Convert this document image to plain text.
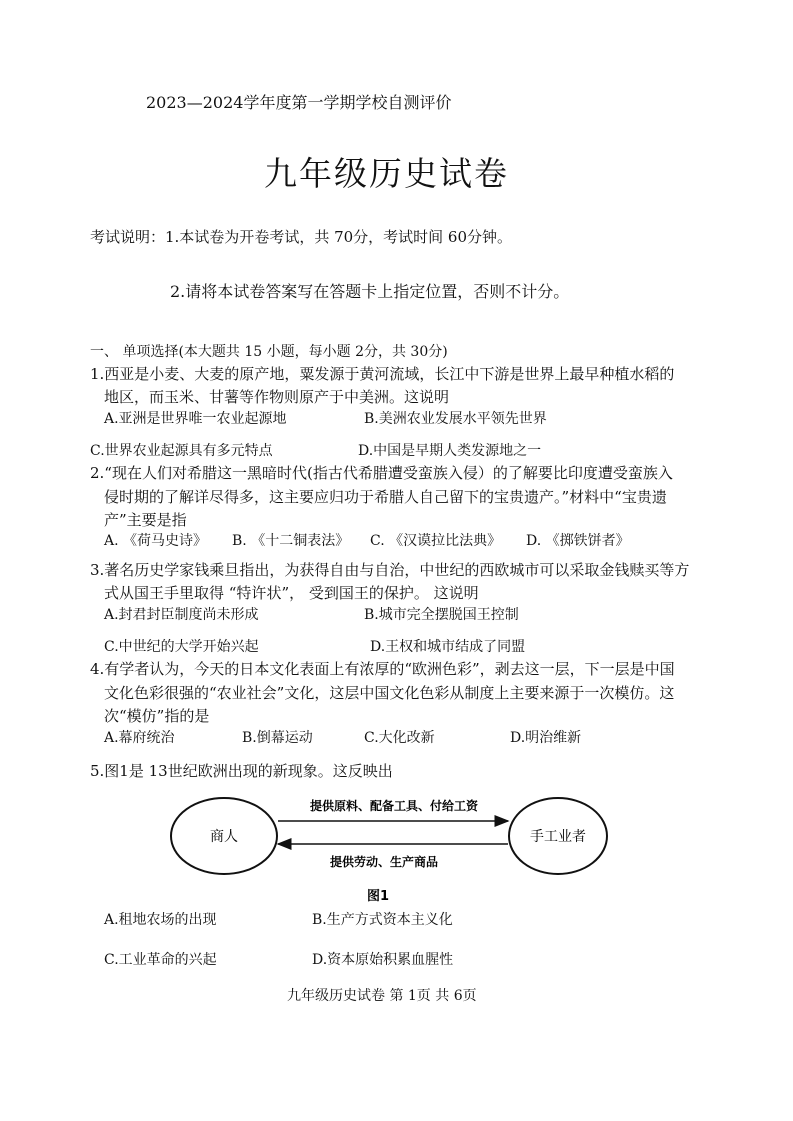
2023—2024学年度第一学期学校自测评价
九年级历史试卷
考试说明：1.本试卷为开卷考试，共 70分，考试时间 60分钟。
2.请将本试卷答案写在答题卡上指定位置，否则不计分。
一、 单项选择(本大题共 15 小题，每小题 2分，共 30分)
1.西亚是小麦、大麦的原产地，粟发源于黄河流域，长江中下游是世界上最早种植水稻的
地区，而玉米、甘薯等作物则原产于中美洲。这说明
A.亚洲是世界唯一农业起源地	B.美洲农业发展水平领先世界
C.世界农业起源具有多元特点	D.中国是早期人类发源地之一
2.“现在人们对希腊这一黑暗时代(指古代希腊遭受蛮族入侵）的了解要比印度遭受蛮族入
侵时期的了解详尽得多，这主要应归功于希腊人自己留下的宝贵遗产。”材料中“宝贵遗
产”主要是指
A. 《荷马史诗》 B. 《十二铜表法》 C. 《汉谟拉比法典》 D. 《掷铁饼者》
3.著名历史学家钱乘旦指出，为获得自由与自治，中世纪的西欧城市可以采取金钱赎买等方
式从国王手里取得 “特许状”， 受到国王的保护。 这说明
A.封君封臣制度尚未形成	B.城市完全摆脱国王控制
C.中世纪的大学开始兴起	D.王权和城市结成了同盟
4.有学者认为，今天的日本文化表面上有浓厚的“欧洲色彩”，剥去这一层，下一层是中国
文化色彩很强的“农业社会”文化，这层中国文化色彩从制度上主要来源于一次模仿。这
次“模仿”指的是
A.幕府统治	B.倒幕运动	C.大化改新	D.明治维新
5.图1是 13世纪欧洲出现的新现象。这反映出
商人	手工业者
提供原料、配备工具、付给工资
提供劳动、生产商品
图1
A.租地农场的出现	B.生产方式资本主义化
C.工业革命的兴起	D.资本原始积累血腥性
九年级历史试卷 第 1页 共 6页
